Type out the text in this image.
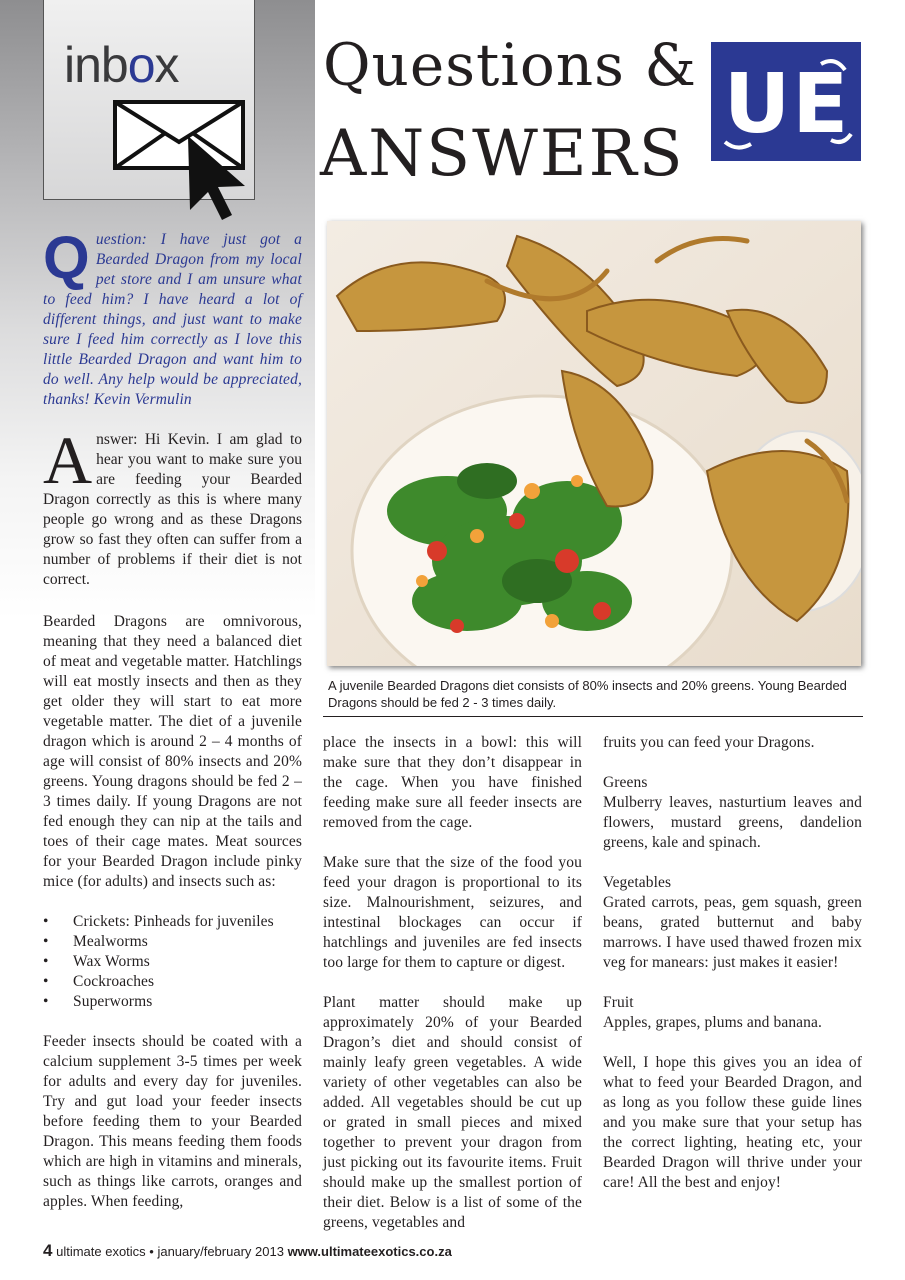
inbox Questions &
ANSWERS
UE
A juvenile Bearded Dragons diet consists of 80% insects and 20% greens. Young Bearded Dragons should be fed 2 - 3 times daily.
Question: I have just got a Bearded Dragon from my local pet store and I am unsure what to feed him? I have heard a lot of different things, and just want to make sure I feed him correctly as I love this little Bearded Dragon and want him to do well. Any help would be appreciated, thanks! Kevin Vermulin
Answer: Hi Kevin. I am glad to hear you want to make sure you are feeding your Bearded Dragon correctly as this is where many people go wrong and as these Dragons grow so fast they often can suffer from a number of problems if their diet is not correct.

Bearded Dragons are omnivorous, meaning that they need a balanced diet of meat and vegetable matter. Hatchlings will eat mostly insects and then as they get older they will start to eat more vegetable matter. The diet of a juvenile dragon which is around 2 – 4 months of age will consist of 80% insects and 20% greens. Young dragons should be fed 2 – 3 times daily. If young Dragons are not fed enough they can nip at the tails and toes of their cage mates. Meat sources for your Bearded Dragon include pinky mice (for adults) and insects such as:

• Crickets: Pinheads for juveniles
• Mealworms
• Wax Worms
• Cockroaches
• Superworms

Feeder insects should be coated with a calcium supplement 3-5 times per week for adults and every day for juveniles. Try and gut load your feeder insects before feeding them to your Bearded Dragon. This means feeding them foods which are high in vitamins and minerals, such as things like carrots, oranges and apples. When feeding,

place the insects in a bowl: this will make sure that they don’t disappear in the cage. When you have finished feeding make sure all feeder insects are removed from the cage.

Make sure that the size of the food you feed your dragon is proportional to its size. Malnourishment, seizures, and intestinal blockages can occur if hatchlings and juveniles are fed insects too large for them to capture or digest.

Plant matter should make up approximately 20% of your Bearded Dragon’s diet and should consist of mainly leafy green vegetables. A wide variety of other vegetables can also be added. All vegetables should be cut up or grated in small pieces and mixed together to prevent your dragon from just picking out its favourite items. Fruit should make up the smallest portion of their diet. Below is a list of some of the greens, vegetables and

fruits you can feed your Dragons.

Greens

Mulberry leaves, nasturtium leaves and flowers, mustard greens, dandelion greens, kale and spinach.

Vegetables

Grated carrots, peas, gem squash, green beans, grated butternut and baby marrows. I have used thawed frozen mix veg for manears: just makes it easier!

Fruit

Apples, grapes, plums and banana.

Well, I hope this gives you an idea of what to feed your Bearded Dragon, and as long as you follow these guide lines and you make sure that your setup has the correct lighting, heating etc, your Bearded Dragon will thrive under your care! All the best and enjoy!

4 ultimate exotics • january/february 2013 www.ultimateexotics.co.za
